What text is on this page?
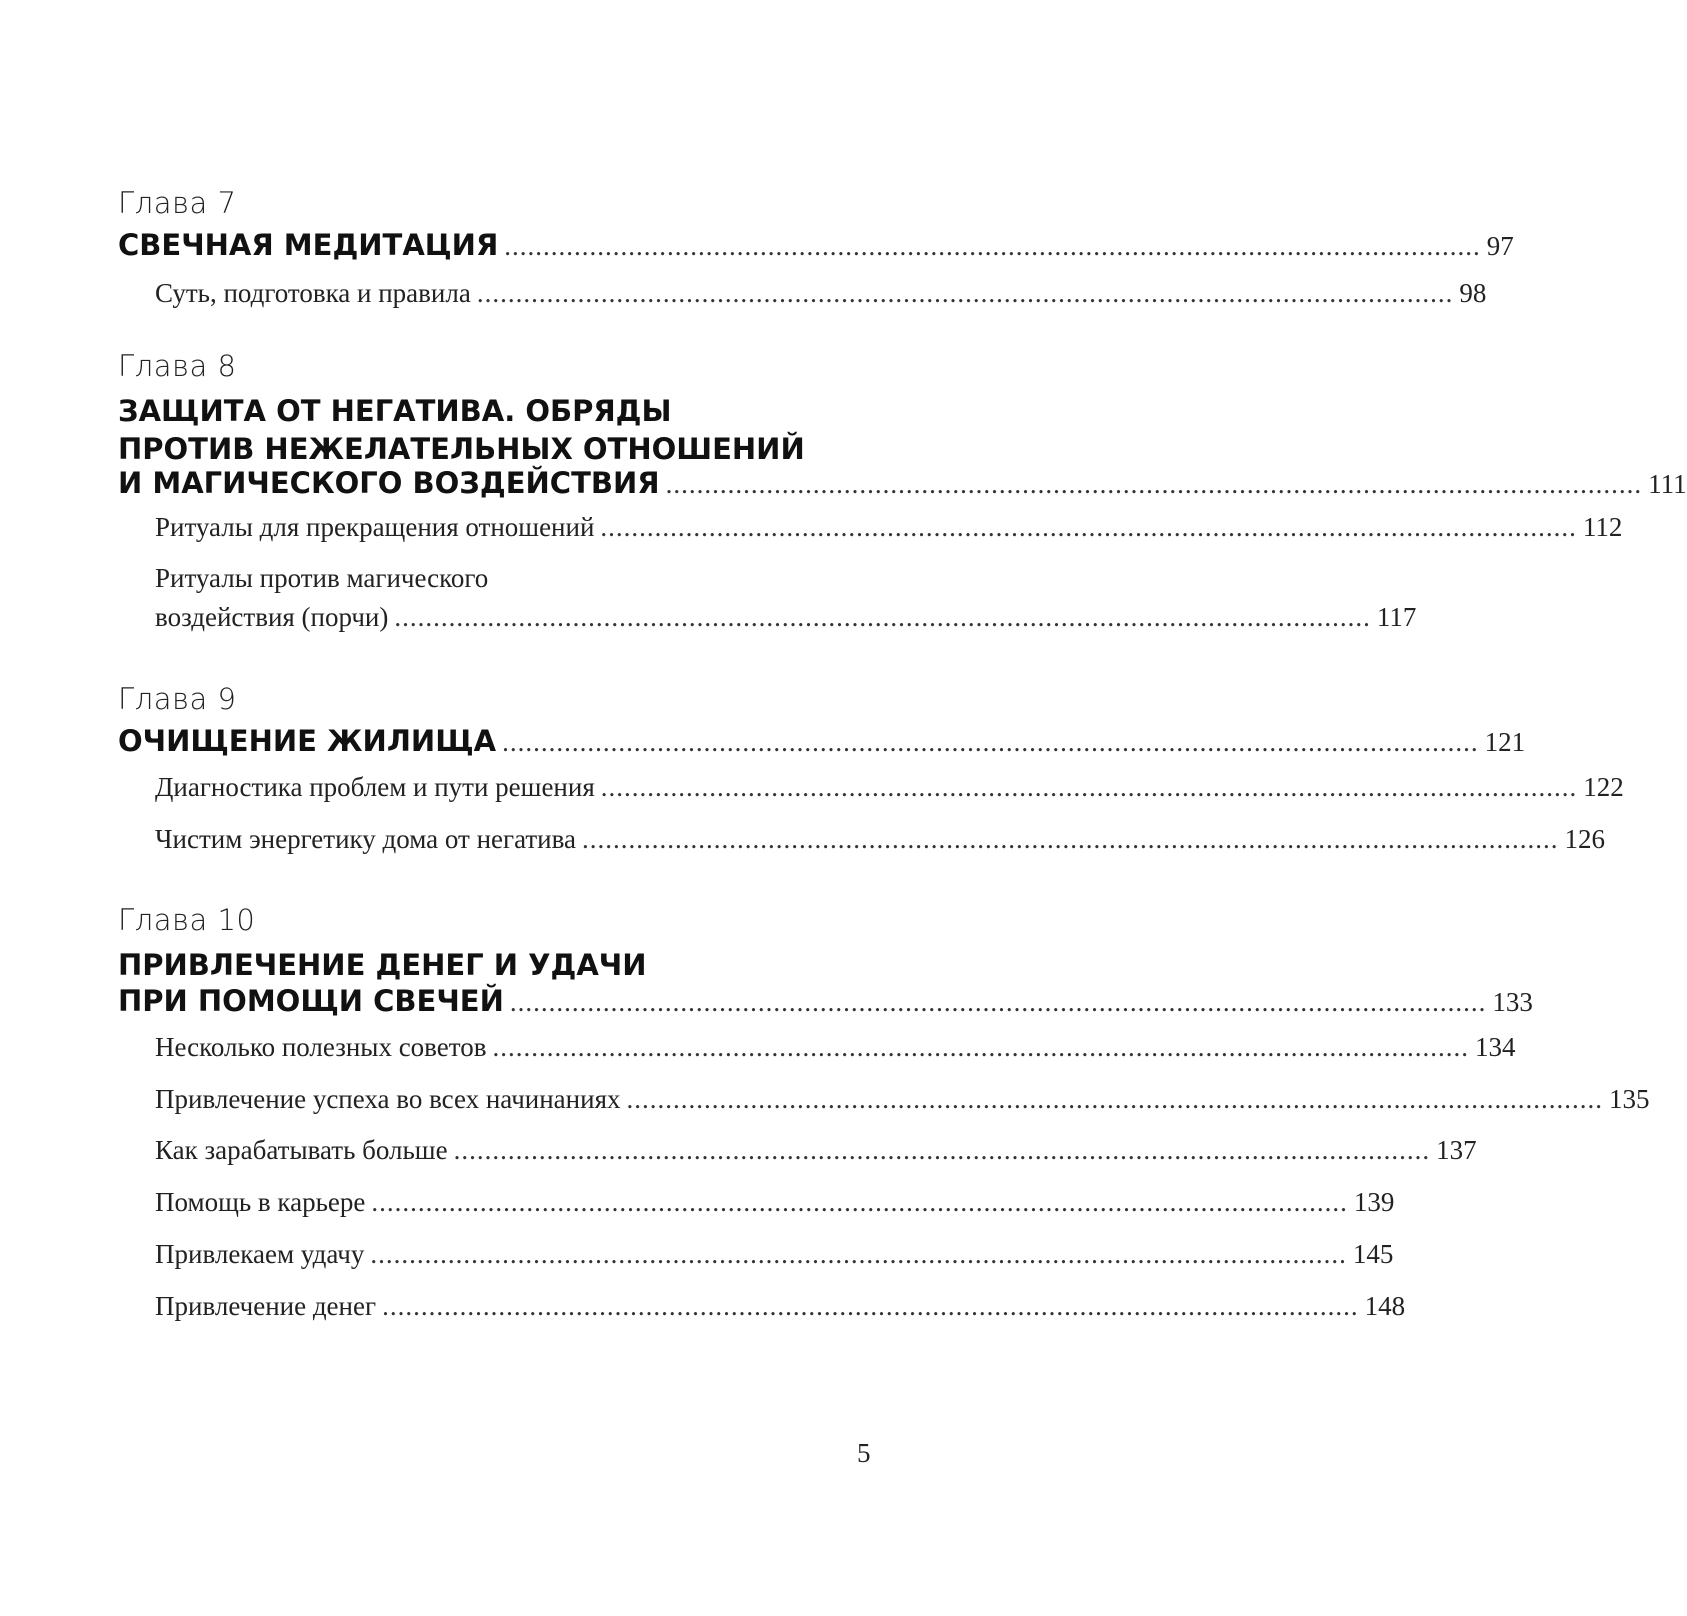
Глава 7
СВЕЧНАЯ МЕДИТАЦИЯ .............................................................................................................................. 97
Суть, подготовка и правила .............................................................................................................................. 98
Глава 8
ЗАЩИТА ОТ НЕГАТИВА. ОБРЯДЫ
ПРОТИВ НЕЖЕЛАТЕЛЬНЫХ ОТНОШЕНИЙ
И МАГИЧЕСКОГО ВОЗДЕЙСТВИЯ .............................................................................................................................. 111
Ритуалы для прекращения отношений .............................................................................................................................. 112
Ритуалы против магического
воздействия (порчи) .............................................................................................................................. 117
Глава 9
ОЧИЩЕНИЕ ЖИЛИЩА .............................................................................................................................. 121
Диагностика проблем и пути решения .............................................................................................................................. 122
Чистим энергетику дома от негатива .............................................................................................................................. 126
Глава 10
ПРИВЛЕЧЕНИЕ ДЕНЕГ И УДАЧИ
ПРИ ПОМОЩИ СВЕЧЕЙ .............................................................................................................................. 133
Несколько полезных советов .............................................................................................................................. 134
Привлечение успеха во всех начинаниях .............................................................................................................................. 135
Как зарабатывать больше .............................................................................................................................. 137
Помощь в карьере .............................................................................................................................. 139
Привлекаем удачу .............................................................................................................................. 145
Привлечение денег .............................................................................................................................. 148
5
